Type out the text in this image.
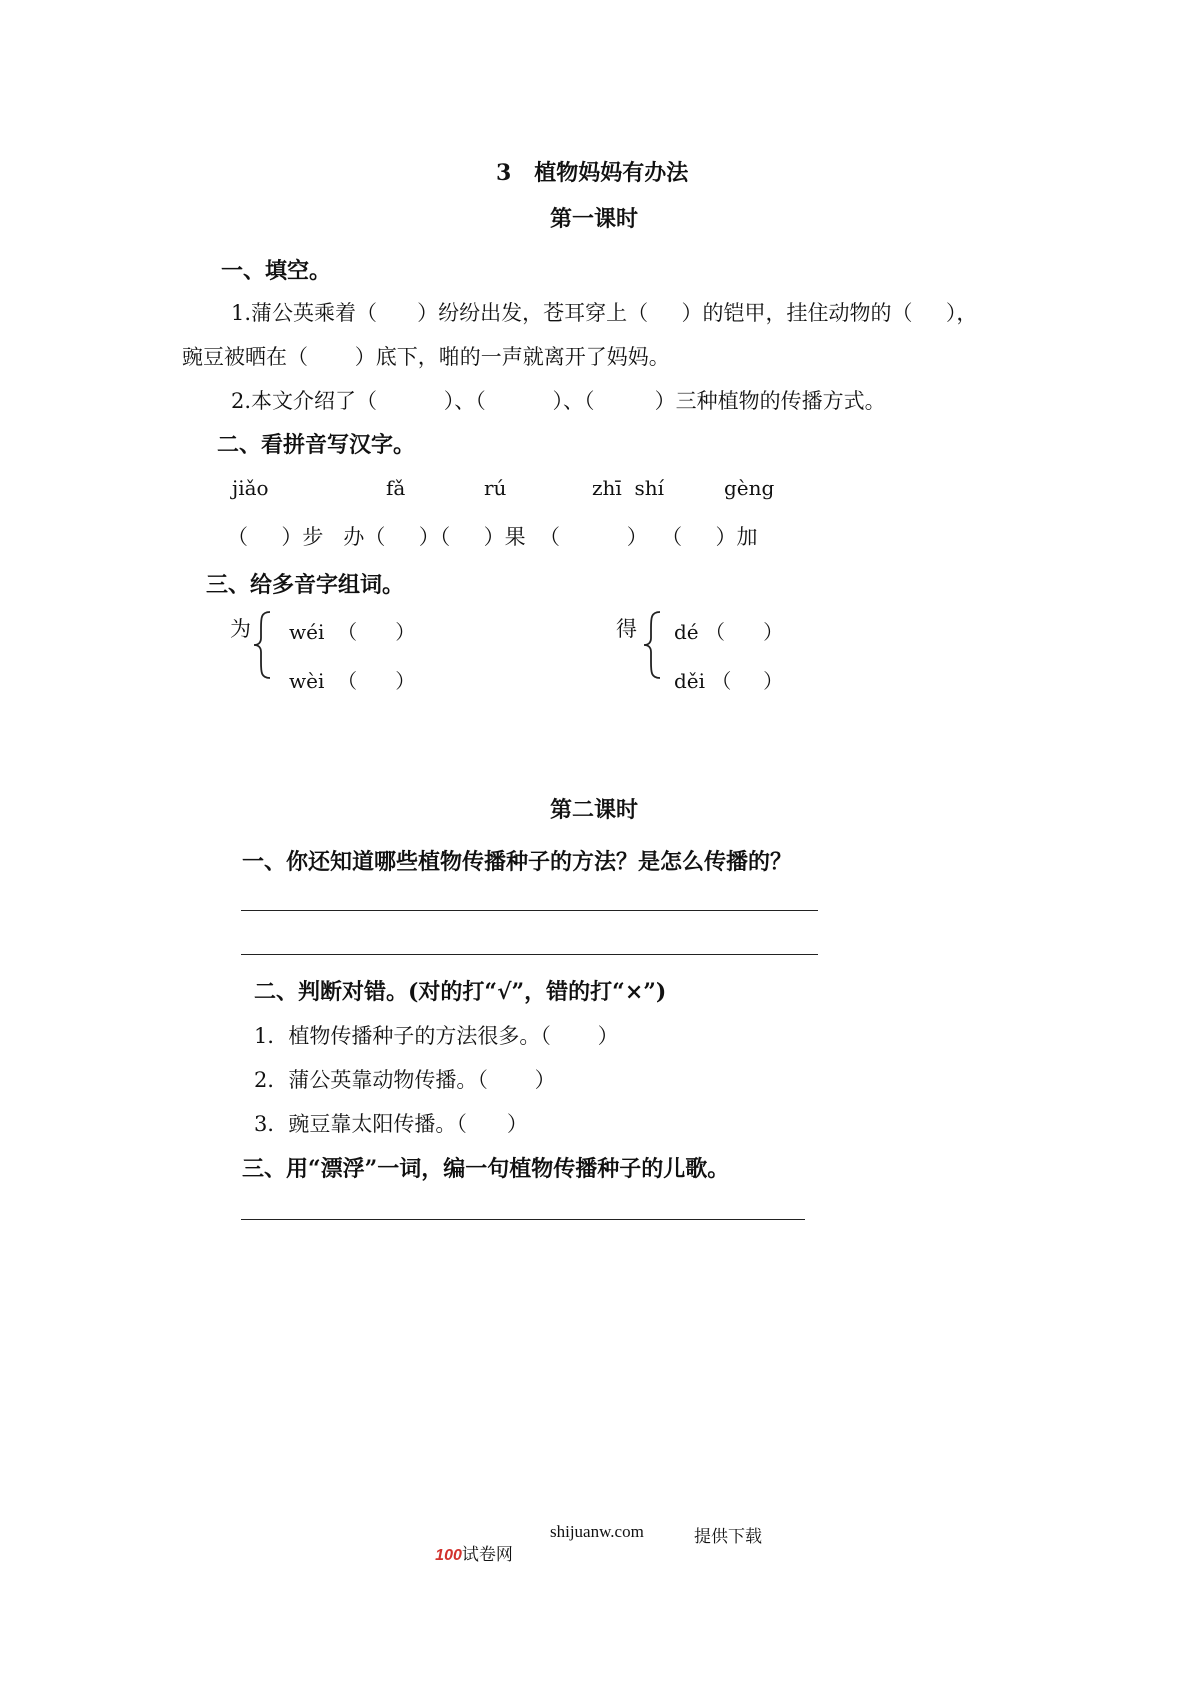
3   植物妈妈有办法
第一课时
一、填空。
1.蒲公英乘着（      ）纷纷出发，苍耳穿上（     ）的铠甲，挂住动物的（     ），
豌豆被晒在（       ）底下，啪的一声就离开了妈妈。
2.本文介绍了（          ）、（          ）、（         ）三种植物的传播方式。
二、看拼音写汉字。
jiǎo	fǎ	rú	zhī  shí	gèng
（     ）步   办（     ）（     ）果  （          ）  （     ）加
三、给多音字组词。
为 wéi  （      ）
wèi  （      ）
得 dé （      ）
děi （     ）
第二课时
一、你还知道哪些植物传播种子的方法？是怎么传播的？
二、判断对错。(对的打“√”，错的打“×”)
1．植物传播种子的方法很多。（       ）
2．蒲公英靠动物传播。（       ）
3．豌豆靠太阳传播。（      ）
三、用“漂浮”一词，编一句植物传播种子的儿歌。

100试卷网

shijuanw.com	提供下载
